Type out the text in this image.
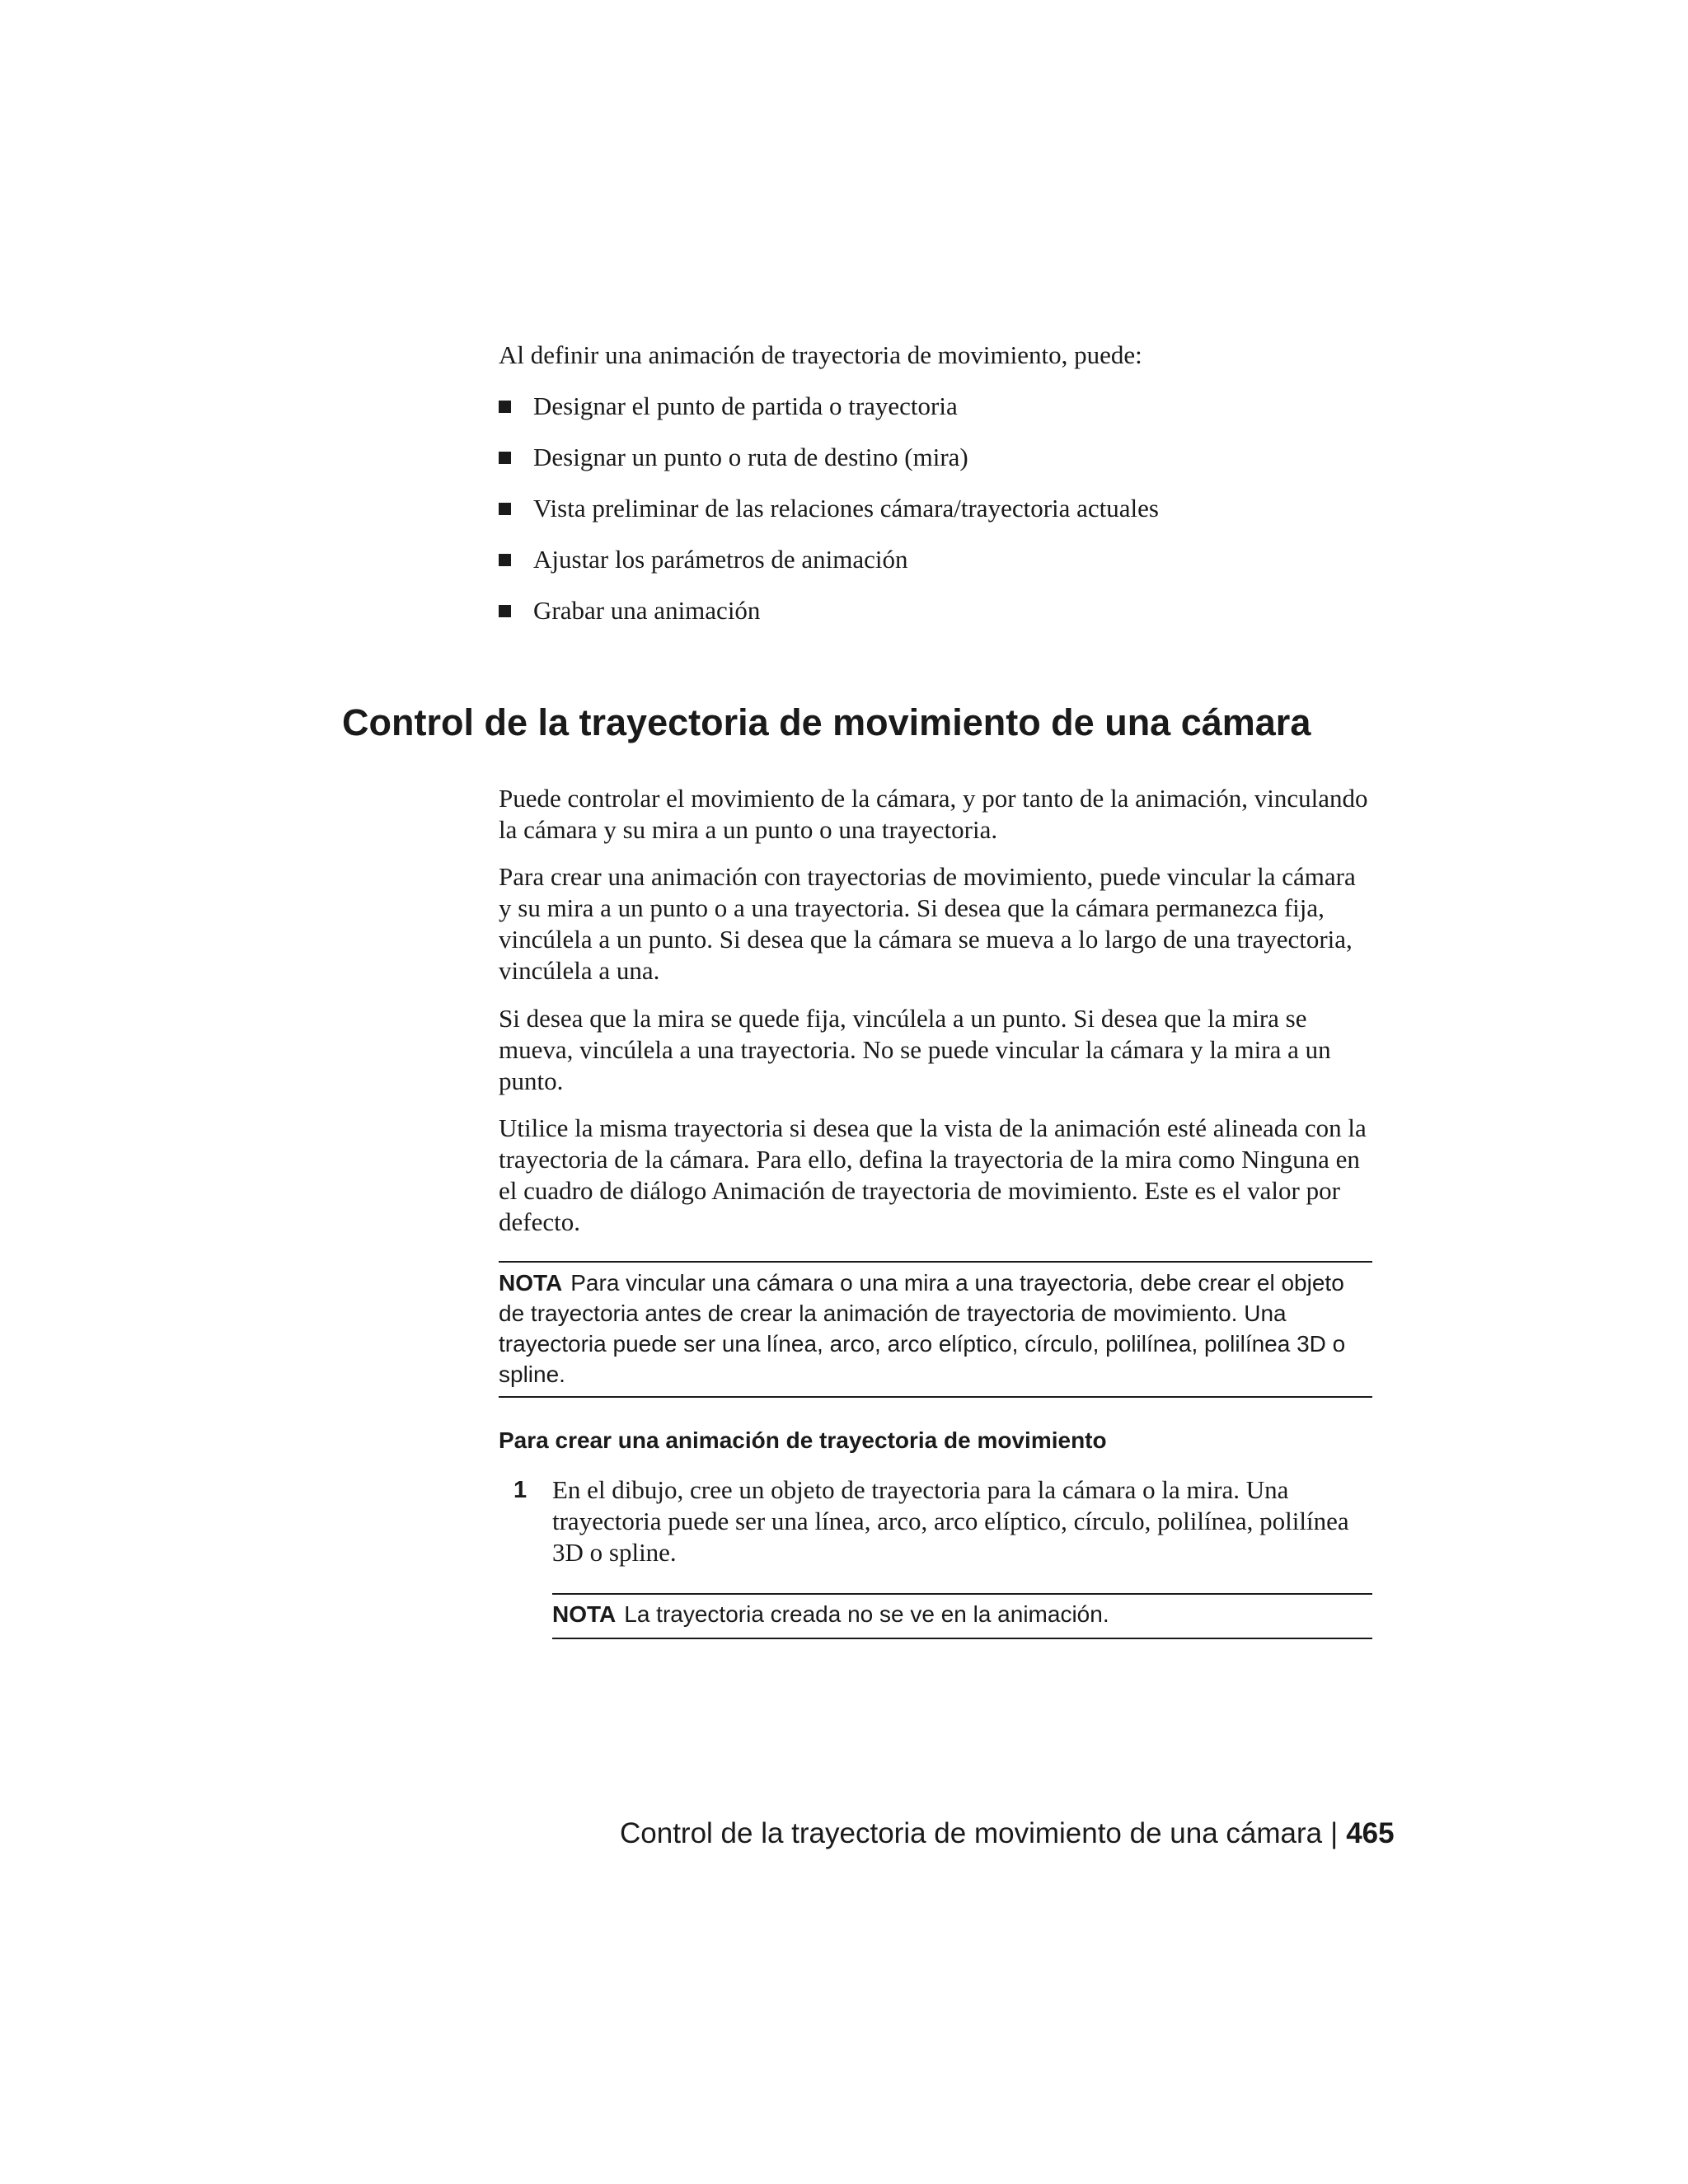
Al definir una animación de trayectoria de movimiento, puede:

Designar el punto de partida o trayectoria
Designar un punto o ruta de destino (mira)
Vista preliminar de las relaciones cámara/trayectoria actuales
Ajustar los parámetros de animación
Grabar una animación
Control de la trayectoria de movimiento de una cámara

Puede controlar el movimiento de la cámara, y por tanto de la animación, vinculando la cámara y su mira a un punto o una trayectoria.

Para crear una animación con trayectorias de movimiento, puede vincular la cámara y su mira a un punto o a una trayectoria. Si desea que la cámara permanezca fija, vincúlela a un punto. Si desea que la cámara se mueva a lo largo de una trayectoria, vincúlela a una.

Si desea que la mira se quede fija, vincúlela a un punto. Si desea que la mira se mueva, vincúlela a una trayectoria. No se puede vincular la cámara y la mira a un punto.

Utilice la misma trayectoria si desea que la vista de la animación esté alineada con la trayectoria de la cámara. Para ello, defina la trayectoria de la mira como Ninguna en el cuadro de diálogo Animación de trayectoria de movimiento. Este es el valor por defecto.

NOTA Para vincular una cámara o una mira a una trayectoria, debe crear el objeto de trayectoria antes de crear la animación de trayectoria de movimiento. Una trayectoria puede ser una línea, arco, arco elíptico, círculo, polilínea, polilínea 3D o spline.

Para crear una animación de trayectoria de movimiento
1 En el dibujo, cree un objeto de trayectoria para la cámara o la mira. Una trayectoria puede ser una línea, arco, arco elíptico, círculo, polilínea, polilínea 3D o spline.

NOTA La trayectoria creada no se ve en la animación.

Control de la trayectoria de movimiento de una cámara | 465
